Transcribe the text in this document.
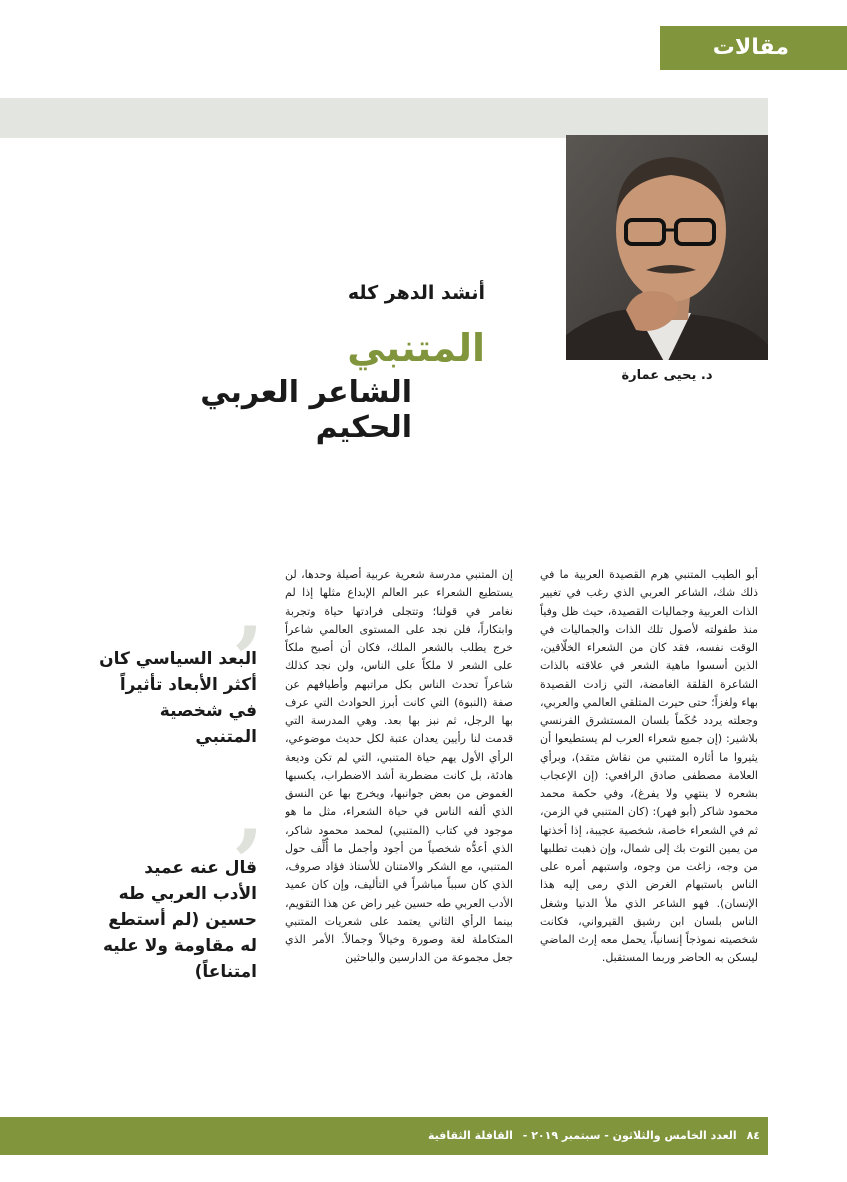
مقالات
د. يحيى عمارة
أنشد الدهر كله
المتنبي
الشاعر العربي الحكيم
’
البعد السياسي كان أكثر الأبعاد تأثيراً في شخصية المتنبي
’
قال عنه عميد الأدب العربي طه حسين (لم أستطع له مقاومة ولا عليه امتناعاً)

أبو الطيب المتنبي هرم القصيدة العربية ما في ذلك شك، الشاعر العربي الذي رغب في تغيير الذات العربية وجماليات القصيدة، حيث ظل وفياً منذ طفولته لأصول تلك الذات والجماليات في الوقت نفسه، فقد كان من الشعراء الخلّاقين، الذين أسسوا ماهية الشعر في علاقته بالذات الشاعرة القلقة الغامضة، التي زادت القصيدة بهاء ولغزاً؛ حتى حيرت المتلقي العالمي والعربي، وجعلته يردد حُكَماً بلسان المستشرق الفرنسي بلاشير: (إن جميع شعراء العرب لم يستطيعوا أن يثيروا ما أثاره المتنبي من نقاش متقد)، وبرأي العلامة مصطفى صادق الرافعي: (إن الإعجاب بشعره لا ينتهي ولا يفرغ)، وفي حكمة محمد محمود شاكر (أبو فهر): (كان المتنبي في الزمن، ثم في الشعراء خاصة، شخصية عجيبة، إذا أخذتها من يمين التوت بك إلى شمال، وإن ذهبت تطلبها من وجه، زاغت من وجوه، واستبهم أمره على الناس باستبهام الغرض الذي رمى إليه هذا الإنسان). فهو الشاعر الذي ملأ الدنيا وشغل الناس بلسان ابن رشيق القيرواني، فكانت شخصيته نموذجاً إنسانياً، يحمل معه إرث الماضي ليسكن به الحاضر وربما المستقبل.

إن المتنبي مدرسة شعرية عربية أصيلة وحدها، لن يستطيع الشعراء عبر العالم الإبداع مثلها إذا لم نغامر في قولنا؛ وتتجلى فرادتها حياة وتجربة وابتكاراً، فلن نجد على المستوى العالمي شاعراً خرج يطلب بالشعر الملك، فكان أن أصبح ملكاً على الشعر لا ملكاً على الناس، ولن نجد كذلك شاعراً تحدث الناس بكل مراتبهم وأطيافهم عن صفة (النبوة) التي كانت أبرز الحوادث التي عرف بها الرجل، ثم نبز بها بعد. وهي المدرسة التي قدمت لنا رأيين يعدان عتبة لكل حديث موضوعي، الرأي الأول يهم حياة المتنبي، التي لم تكن وديعة هادئة، بل كانت مضطربة أشد الاضطراب، يكسبها الغموض من بعض جوانبها، ويخرج بها عن النسق الذي ألفه الناس في حياة الشعراء، مثل ما هو موجود في كتاب (المتنبي) لمحمد محمود شاكر، الذي أعدُّه شخصياً من أجود وأجمل ما أُلِّف حول المتنبي، مع الشكر والامتنان للأستاذ فؤاد صروف، الذي كان سبباً مباشراً في التأليف، وإن كان عميد الأدب العربي طه حسين غير راض عن هذا التقويم، بينما الرأي الثاني يعتمد على شعريات المتنبي المتكاملة لغة وصورة وخيالاً وجمالاً. الأمر الذي جعل مجموعة من الدارسين والباحثين

٨٤ العدد الخامس والثلاثون - سبتمبر ٢٠١٩ - القافلة الثقافية
